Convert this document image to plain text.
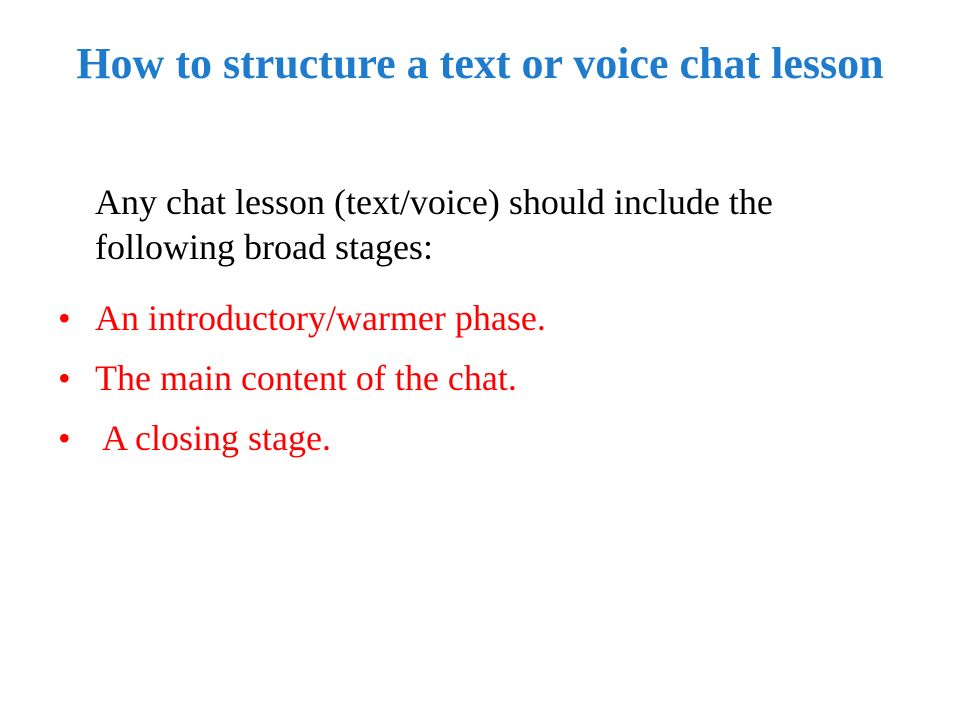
How to structure a text or voice chat lesson
Any chat lesson (text/voice) should include the following broad stages:
• An introductory/warmer phase.
• The main content of the chat.
• A closing stage.
